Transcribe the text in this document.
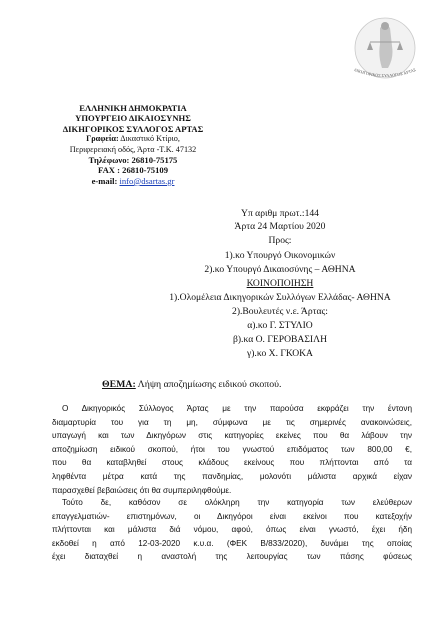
ΔΙΚΗΓΟΡΙΚΟΣ ΣΥΛΛΟΓΟΣ ΑΡΤΑΣ
ΕΛΛΗΝΙΚΗ ΔΗΜΟΚΡΑΤΙΑ
ΥΠΟΥΡΓΕΙΟ ΔΙΚΑΙΟΣΥΝΗΣ
ΔΙΚΗΓΟΡΙΚΟΣ ΣΥΛΛΟΓΟΣ ΑΡΤΑΣ
Γραφεία: Δικαστικό Κτίριο,
Περιφερειακή οδός, Άρτα -Τ.Κ. 47132
Τηλέφωνο: 26810-75175
FAX : 26810-75109
e-mail: info@dsartas.gr
Υπ αριθμ πρωτ.:144
Άρτα 24 Μαρτίου 2020
Προς:
1).κο Υπουργό Οικονομικών
2).κο Υπουργό Δικαιοσύνης – ΑΘΗΝΑ
ΚΟΙΝΟΠΟΙΗΣΗ
1).Ολομέλεια Δικηγορικών Συλλόγων Ελλάδας- ΑΘΗΝΑ
2).Βουλευτές ν.ε. Άρτας:
α).κο Γ. ΣΤΥΛΙΟ
β).κα Ο. ΓΕΡΟΒΑΣΙΛΗ
γ).κο Χ. ΓΚΟΚΑ
ΘΕΜΑ: Λήψη αποζημίωσης ειδικού σκοπού.
Ο Δικηγορικός Σύλλογος Άρτας με την παρούσα εκφράζει την έντονη
διαμαρτυρία του για τη μη, σύμφωνα με τις σημερινές ανακοινώσεις,
υπαγωγή και των Δικηγόρων στις κατηγορίες εκείνες που θα λάβουν την
αποζημίωση ειδικού σκοπού, ήτοι του γνωστού επιδόματος των 800,00 €,
που θα καταβληθεί στους κλάδους εκείνους που πλήττονται από τα
ληφθέντα μέτρα κατά της πανδημίας, μολονότι μάλιστα αρχικά είχαν
παρασχεθεί βεβαιώσεις ότι θα συμπεριληφθούμε.
Τούτο δε, καθόσον σε ολόκληρη την κατηγορία των ελεύθερων
επαγγελματιών- επιστημόνων, οι Δικηγόροι είναι εκείνοι που κατεξοχήν
πλήττονται και μάλιστα διά νόμου, αφού, όπως είναι γνωστό, έχει ήδη
εκδοθεί η από 12-03-2020 κ.υ.α. (ΦΕΚ Β/833/2020), δυνάμει της οποίας
έχει διαταχθεί η αναστολή της λειτουργίας των πάσης φύσεως
